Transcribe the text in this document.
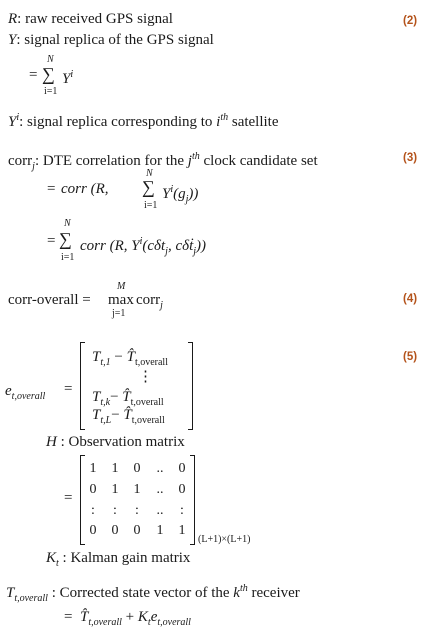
(2)
(3)
(4)
(5)
R: raw received GPS signal
Y: signal replica of the GPS signal
N
= ∑ $Y^i$
i=1
$Y^i$: signal replica corresponding to $i^{th}$ satellite
corr$_j$: DTE correlation for the $j^{th}$ clock candidate set
N
= corr (R, ∑ $Y^i(g_j)$)
i=1
N
= ∑ corr (R, $Y^i(c\delta t_j$, cδṫ$_j$))
i=1
M
corr-overall = max corr$_j$
j=1
$e_{t,overall}$ =
$T_{t,1}$ − $T̂_{t,overall}$
⋮
$T_{t,k}-$ $T̂_{t,overall}$
$T_{t,L}-$ $T̂_{t,overall}$
H : Observation matrix
=
1 1 0 .. 0
0 1 1 .. 0
:	:	:	..	:
0 0 0 1 1
(L+1)×(L+1)
$K_t$ : Kalman gain matrix
$T_{t,overall}$ : Corrected state vector of the $k^{th}$ receiver
= $T̂_{t,overall} + K_te_{t,overall}$
